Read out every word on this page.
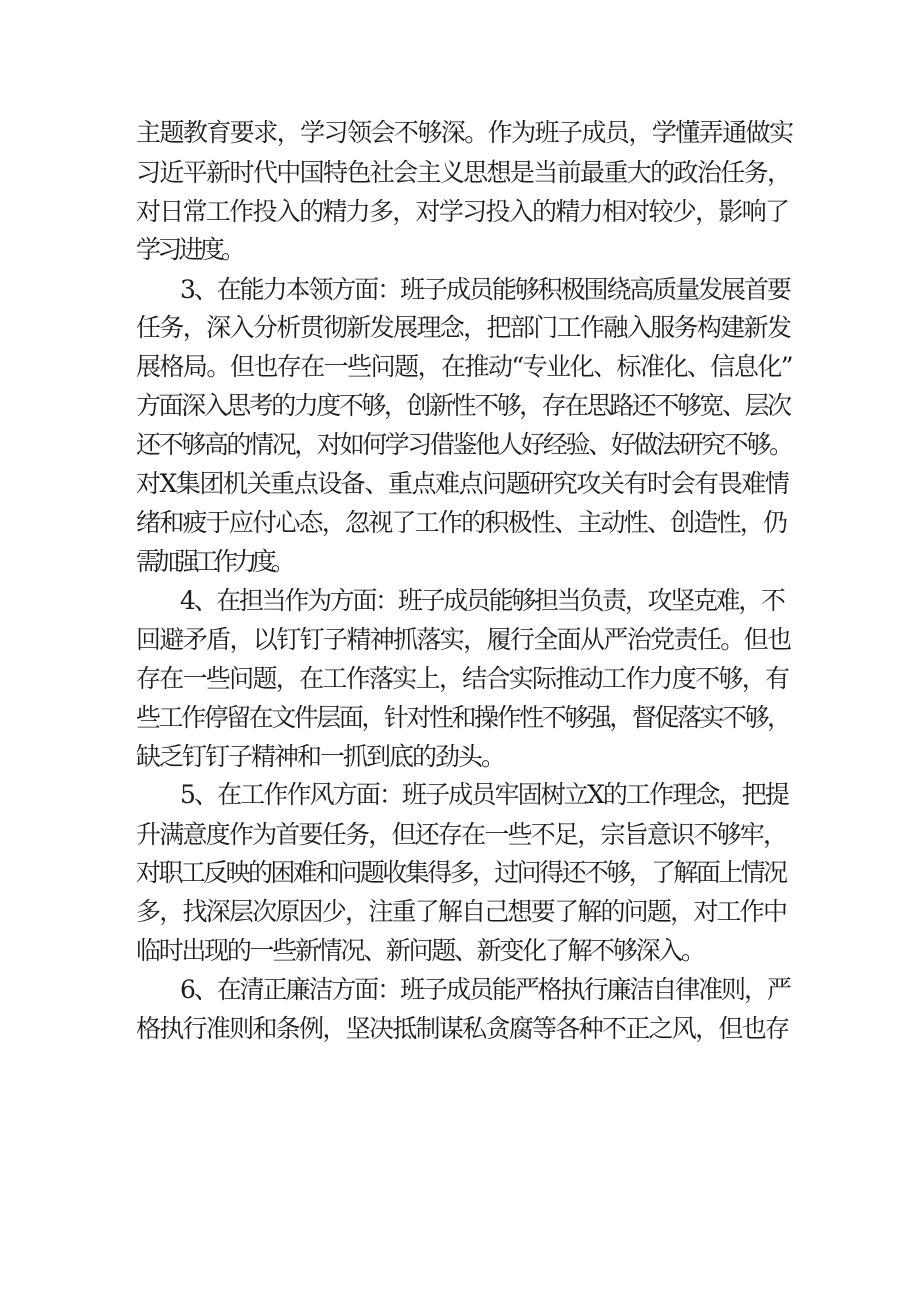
主题教育要求，学习领会不够深。作为班子成员，学懂弄通做实
习近平新时代中国特色社会主义思想是当前最重大的政治任务，
对日常工作投入的精力多，对学习投入的精力相对较少，影响了
学习进度。
3、在能力本领方面：班子成员能够积极围绕高质量发展首要
任务，深入分析贯彻新发展理念，把部门工作融入服务构建新发
展格局。但也存在一些问题，在推动“专业化、标准化、信息化”
方面深入思考的力度不够，创新性不够，存在思路还不够宽、层次
还不够高的情况，对如何学习借鉴他人好经验、好做法研究不够。
对X集团机关重点设备、重点难点问题研究攻关有时会有畏难情
绪和疲于应付心态，忽视了工作的积极性、主动性、创造性，仍
需加强工作力度。
4、在担当作为方面：班子成员能够担当负责，攻坚克难，不
回避矛盾，以钉钉子精神抓落实，履行全面从严治党责任。但也
存在一些问题，在工作落实上，结合实际推动工作力度不够，有
些工作停留在文件层面，针对性和操作性不够强，督促落实不够，
缺乏钉钉子精神和一抓到底的劲头。
5、在工作作风方面：班子成员牢固树立X的工作理念，把提
升满意度作为首要任务，但还存在一些不足，宗旨意识不够牢，
对职工反映的困难和问题收集得多，过问得还不够，了解面上情况
多，找深层次原因少，注重了解自己想要了解的问题，对工作中
临时出现的一些新情况、新问题、新变化了解不够深入。
6、在清正廉洁方面：班子成员能严格执行廉洁自律准则，严
格执行准则和条例，坚决抵制谋私贪腐等各种不正之风，但也存
